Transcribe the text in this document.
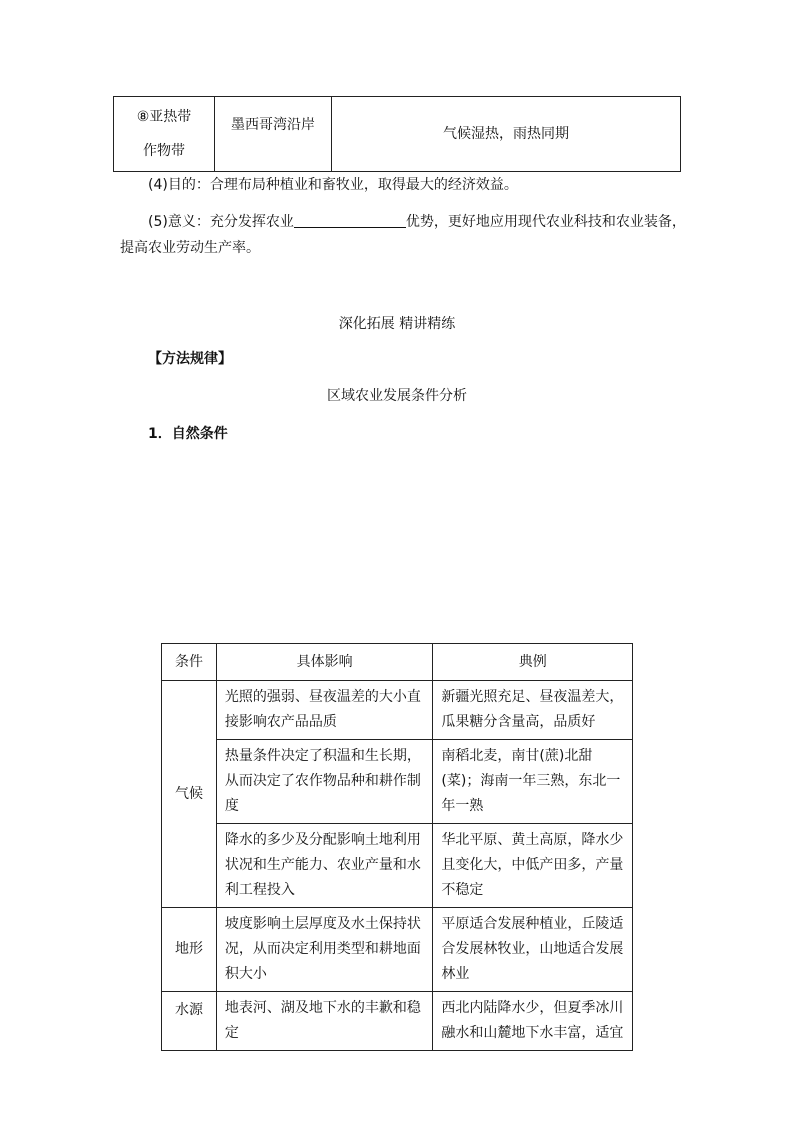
⑧亚热带
作物带
	墨西哥湾沿岸	气候湿热，雨热同期

(4)目的：合理布局种植业和畜牧业，取得最大的经济效益。

(5)意义：充分发挥农业	优势，更好地应用现代农业科技和农业装备，

提高农业劳动生产率。

深化拓展 精讲精练
【方法规律】
区域农业发展条件分析
1．自然条件
条件	具体影响	典例
气候	光照的强弱、昼夜温差的大小直接影响农产品品质	新疆光照充足、昼夜温差大，瓜果糖分含量高，品质好
	热量条件决定了积温和生长期，从而决定了农作物品种和耕作制度	南稻北麦，南甘(蔗)北甜(菜)；海南一年三熟，东北一年一熟
	降水的多少及分配影响土地利用状况和生产能力、农业产量和水利工程投入	华北平原、黄土高原，降水少且变化大，中低产田多，产量不稳定
地形	坡度影响土层厚度及水土保持状况，从而决定利用类型和耕地面积大小	平原适合发展种植业，丘陵适合发展林牧业，山地适合发展林业
水源	地表河、湖及地下水的丰歉和稳定	西北内陆降水少，但夏季冰川融水和山麓地下水丰富，适宜
